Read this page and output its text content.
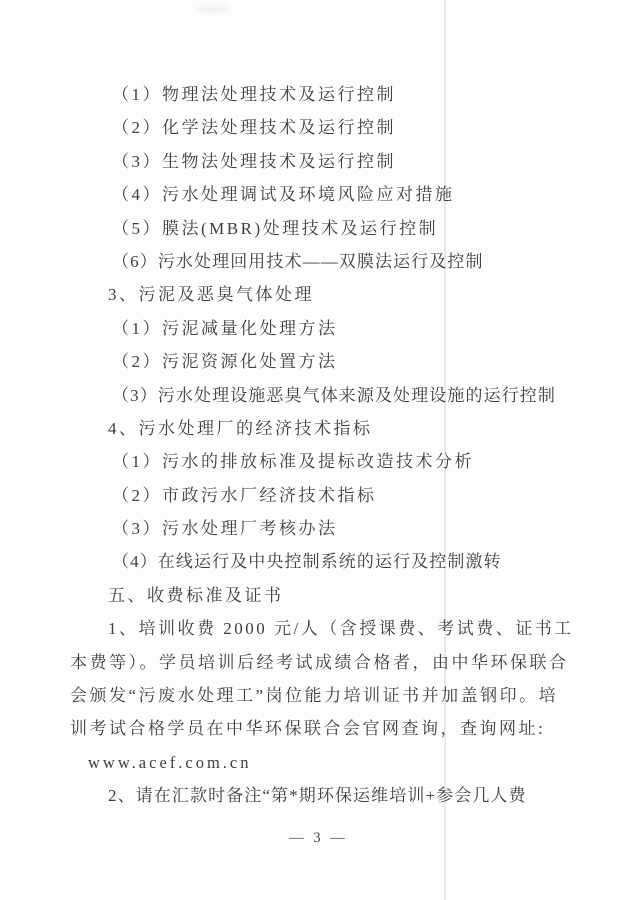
（1）物理法处理技术及运行控制
（2）化学法处理技术及运行控制
（3）生物法处理技术及运行控制
（4）污水处理调试及环境风险应对措施
（5）膜法(MBR)处理技术及运行控制
（6）污水处理回用技术——双膜法运行及控制
3、污泥及恶臭气体处理
（1）污泥减量化处理方法
（2）污泥资源化处置方法
（3）污水处理设施恶臭气体来源及处理设施的运行控制
4、污水处理厂的经济技术指标
（1）污水的排放标准及提标改造技术分析
（2）市政污水厂经济技术指标
（3）污水处理厂考核办法
（4）在线运行及中央控制系统的运行及控制激转
五、收费标准及证书
1、培训收费 2000 元/人（含授课费、考试费、证书工
本费等）。学员培训后经考试成绩合格者，由中华环保联合
会颁发“污废水处理工”岗位能力培训证书并加盖钢印。培
训考试合格学员在中华环保联合会官网查询，查询网址:
www.acef.com.cn
2、请在汇款时备注“第*期环保运维培训+参会几人费
— 3 —
